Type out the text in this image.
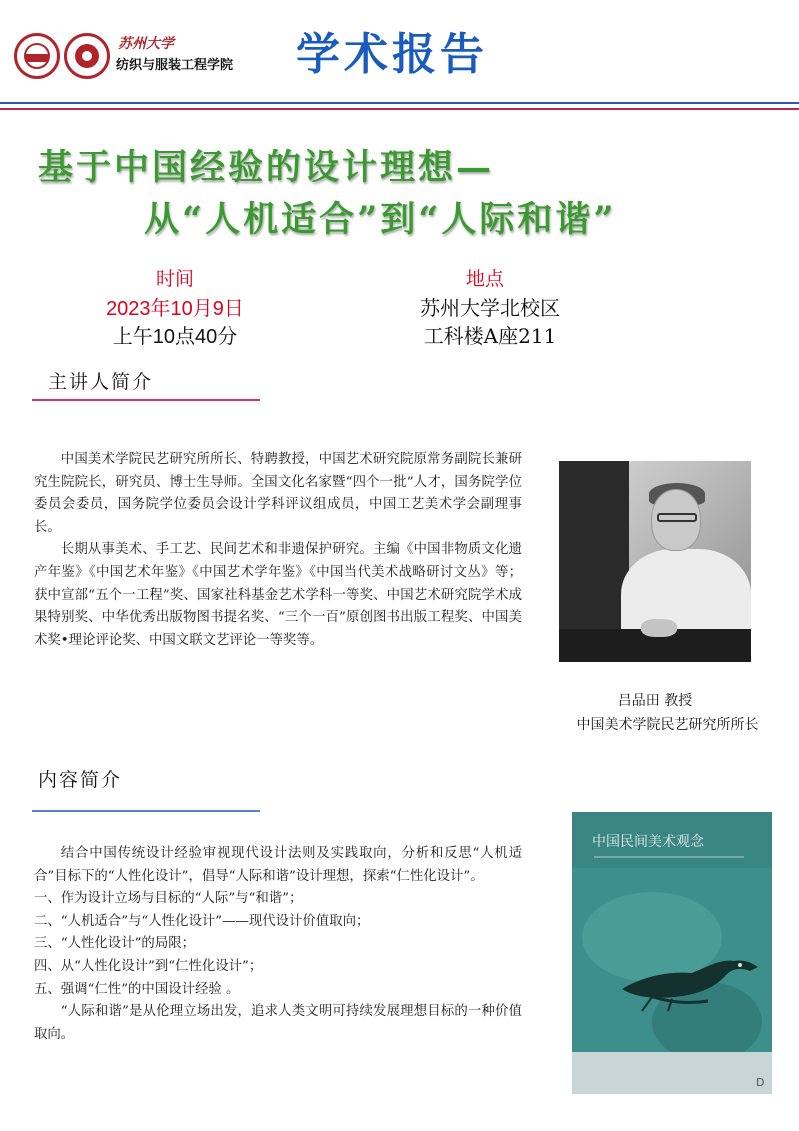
苏州大学
纺织与服装工程学院 学术报告
基于中国经验的设计理想—
从“人机适合”到“人际和谐”
时间
2023年10月9日
上午10点40分
地点
苏州大学北校区
工科楼A座211
主讲人简介

中国美术学院民艺研究所所长、特聘教授，中国艺术研究院原常务副院长兼研究生院院长，研究员、博士生导师。全国文化名家暨“四个一批”人才，国务院学位委员会委员，国务院学位委员会设计学科评议组成员，中国工艺美术学会副理事长。

长期从事美术、手工艺、民间艺术和非遗保护研究。主编《中国非物质文化遗产年鉴》《中国艺术年鉴》《中国艺术学年鉴》《中国当代美术战略研讨文丛》等；获中宣部“五个一工程”奖、国家社科基金艺术学科一等奖、中国艺术研究院学术成果特别奖、中华优秀出版物图书提名奖、“三个一百”原创图书出版工程奖、中国美术奖•理论评论奖、中国文联文艺评论一等奖等。

吕品田 教授
中国美术学院民艺研究所所长
内容简介

结合中国传统设计经验审视现代设计法则及实践取向，分析和反思“人机适合”目标下的“人性化设计”，倡导“人际和谐”设计理想，探索“仁性化设计”。

一、作为设计立场与目标的“人际”与“和谐”；

二、“人机适合”与“人性化设计”——现代设计价值取向；

三、“人性化设计”的局限；

四、从“人性化设计”到“仁性化设计”；

五、强调“仁性”的中国设计经验 。

“人际和谐”是从伦理立场出发，追求人类文明可持续发展理想目标的一种价值取向。

中国民间美术观念
D
